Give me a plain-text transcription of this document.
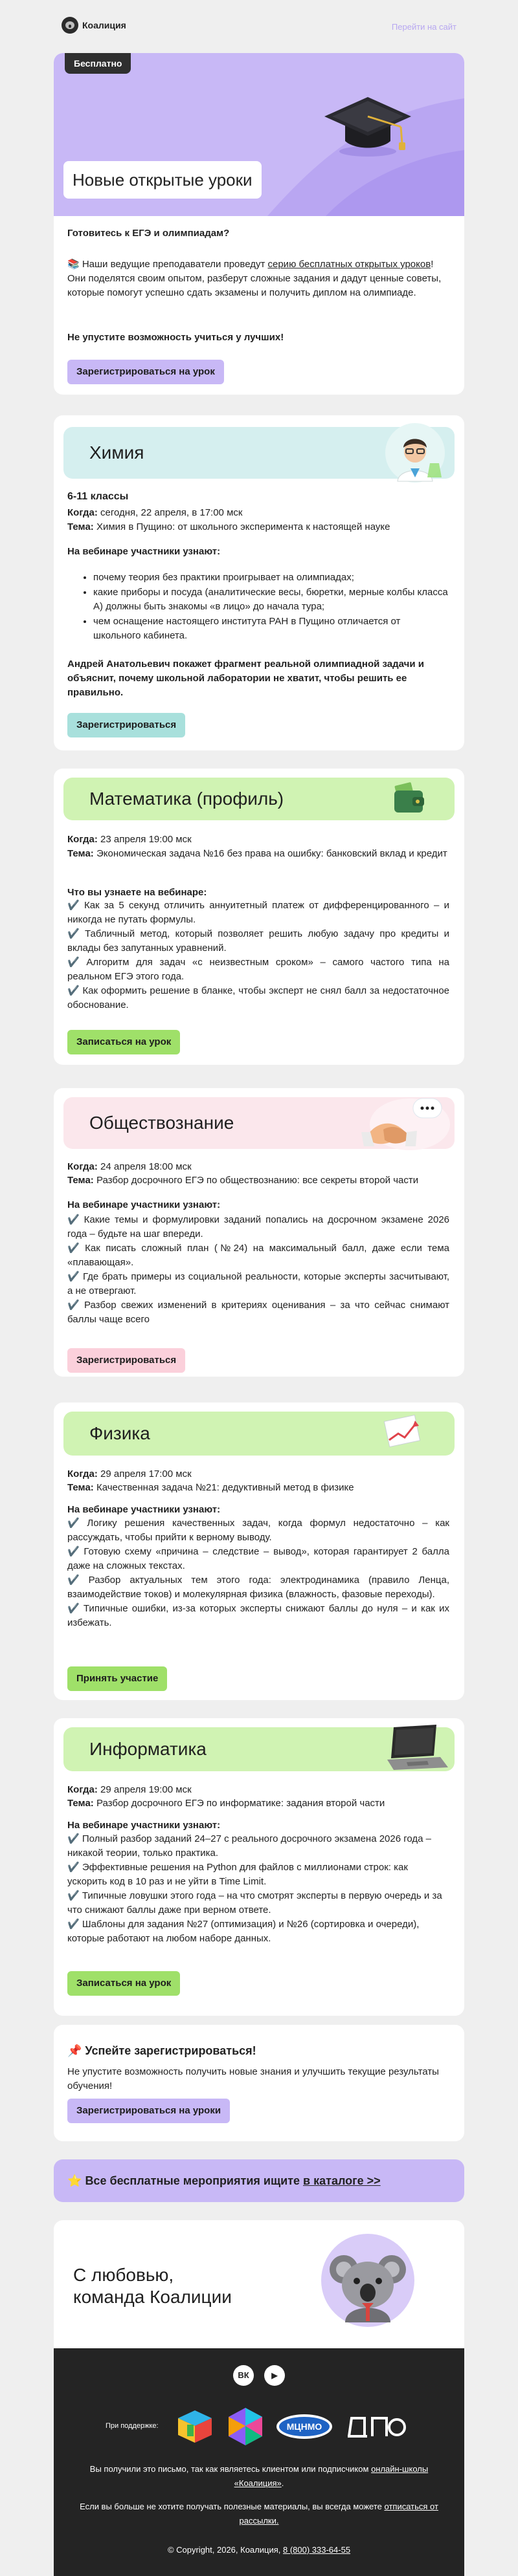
Коалиция	Перейти на сайт
Бесплатно
Новые открытые уроки
Готовитесь к ЕГЭ и олимпиадам?
📚 Наши ведущие преподаватели проведут серию бесплатных открытых уроков! Они поделятся своим опытом, разберут сложные задания и дадут ценные советы, которые помогут успешно сдать экзамены и получить диплом на олимпиаде.
Не упустите возможность учиться у лучших!
Зарегистрироваться на урок
Химия
6-11 классы
Когда: сегодня, 22 апреля, в 17:00 мск
Тема: Химия в Пущино: от школьного эксперимента к настоящей науке
На вебинаре участники узнают:
• почему теория без практики проигрывает на олимпиадах;
• какие приборы и посуда (аналитические весы, бюретки, мерные колбы класса А) должны быть знакомы «в лицо» до начала тура;
• чем оснащение настоящего института РАН в Пущино отличается от школьного кабинета.
Андрей Анатольевич покажет фрагмент реальной олимпиадной задачи и объяснит, почему школьной лаборатории не хватит, чтобы решить ее правильно.
Зарегистрироваться
Математика (профиль)
Когда: 23 апреля 19:00 мск
Тема: Экономическая задача №16 без права на ошибку: банковский вклад и кредит
Что вы узнаете на вебинаре:
✔️ Как за 5 секунд отличить аннуитетный платеж от дифференцированного – и никогда не путать формулы.
✔️ Табличный метод, который позволяет решить любую задачу про кредиты и вклады без запутанных уравнений.
✔️ Алгоритм для задач «с неизвестным сроком» – самого частого типа на реальном ЕГЭ этого года.
✔️ Как оформить решение в бланке, чтобы эксперт не снял балл за недостаточное обоснование.
Записаться на урок
Обществознание
Когда: 24 апреля 18:00 мск
Тема: Разбор досрочного ЕГЭ по обществознанию: все секреты второй части
На вебинаре участники узнают:
✔️ Какие темы и формулировки заданий попались на досрочном экзамене 2026 года – будьте на шаг впереди.
✔️ Как писать сложный план (№24) на максимальный балл, даже если тема «плавающая».
✔️ Где брать примеры из социальной реальности, которые эксперты засчитывают, а не отвергают.
✔️ Разбор свежих изменений в критериях оценивания – за что сейчас снимают баллы чаще всего
Зарегистрироваться
Физика
Когда: 29 апреля 17:00 мск
Тема: Качественная задача №21: дедуктивный метод в физике
На вебинаре участники узнают:
✔️ Логику решения качественных задач, когда формул недостаточно – как рассуждать, чтобы прийти к верному выводу.
✔️ Готовую схему «причина – следствие – вывод», которая гарантирует 2 балла даже на сложных текстах.
✔️ Разбор актуальных тем этого года: электродинамика (правило Ленца, взаимодействие токов) и молекулярная физика (влажность, фазовые переходы).
✔️ Типичные ошибки, из-за которых эксперты снижают баллы до нуля – и как их избежать.
Принять участие
Информатика
Когда: 29 апреля 19:00 мск
Тема: Разбор досрочного ЕГЭ по информатике: задания второй части
На вебинаре участники узнают:
✔️ Полный разбор заданий 24–27 с реального досрочного экзамена 2026 года – никакой теории, только практика.
✔️ Эффективные решения на Python для файлов с миллионами строк: как ускорить код в 10 раз и не уйти в Time Limit.
✔️ Типичные ловушки этого года – на что смотрят эксперты в первую очередь и за что снижают баллы даже при верном ответе.
✔️ Шаблоны для задания №27 (оптимизация) и №26 (сортировка и очереди), которые работают на любом наборе данных.
Записаться на урок
📌 Успейте зарегистрироваться!
Не упустите возможность получить новые знания и улучшить текущие результаты обучения!
Зарегистрироваться на уроки
⭐ Все бесплатные мероприятия ищите в каталоге >>
С любовью,
команда Коалиции
ВК	▶
При поддержке:	МЦНМО
Вы получили это письмо, так как являетесь клиентом или подписчиком онлайн-школы «Коалиция».
Если вы больше не хотите получать полезные материалы, вы всегда можете отписаться от рассылки.
© Copyright, 2026, Коалиция, 8 (800) 333-64-55
